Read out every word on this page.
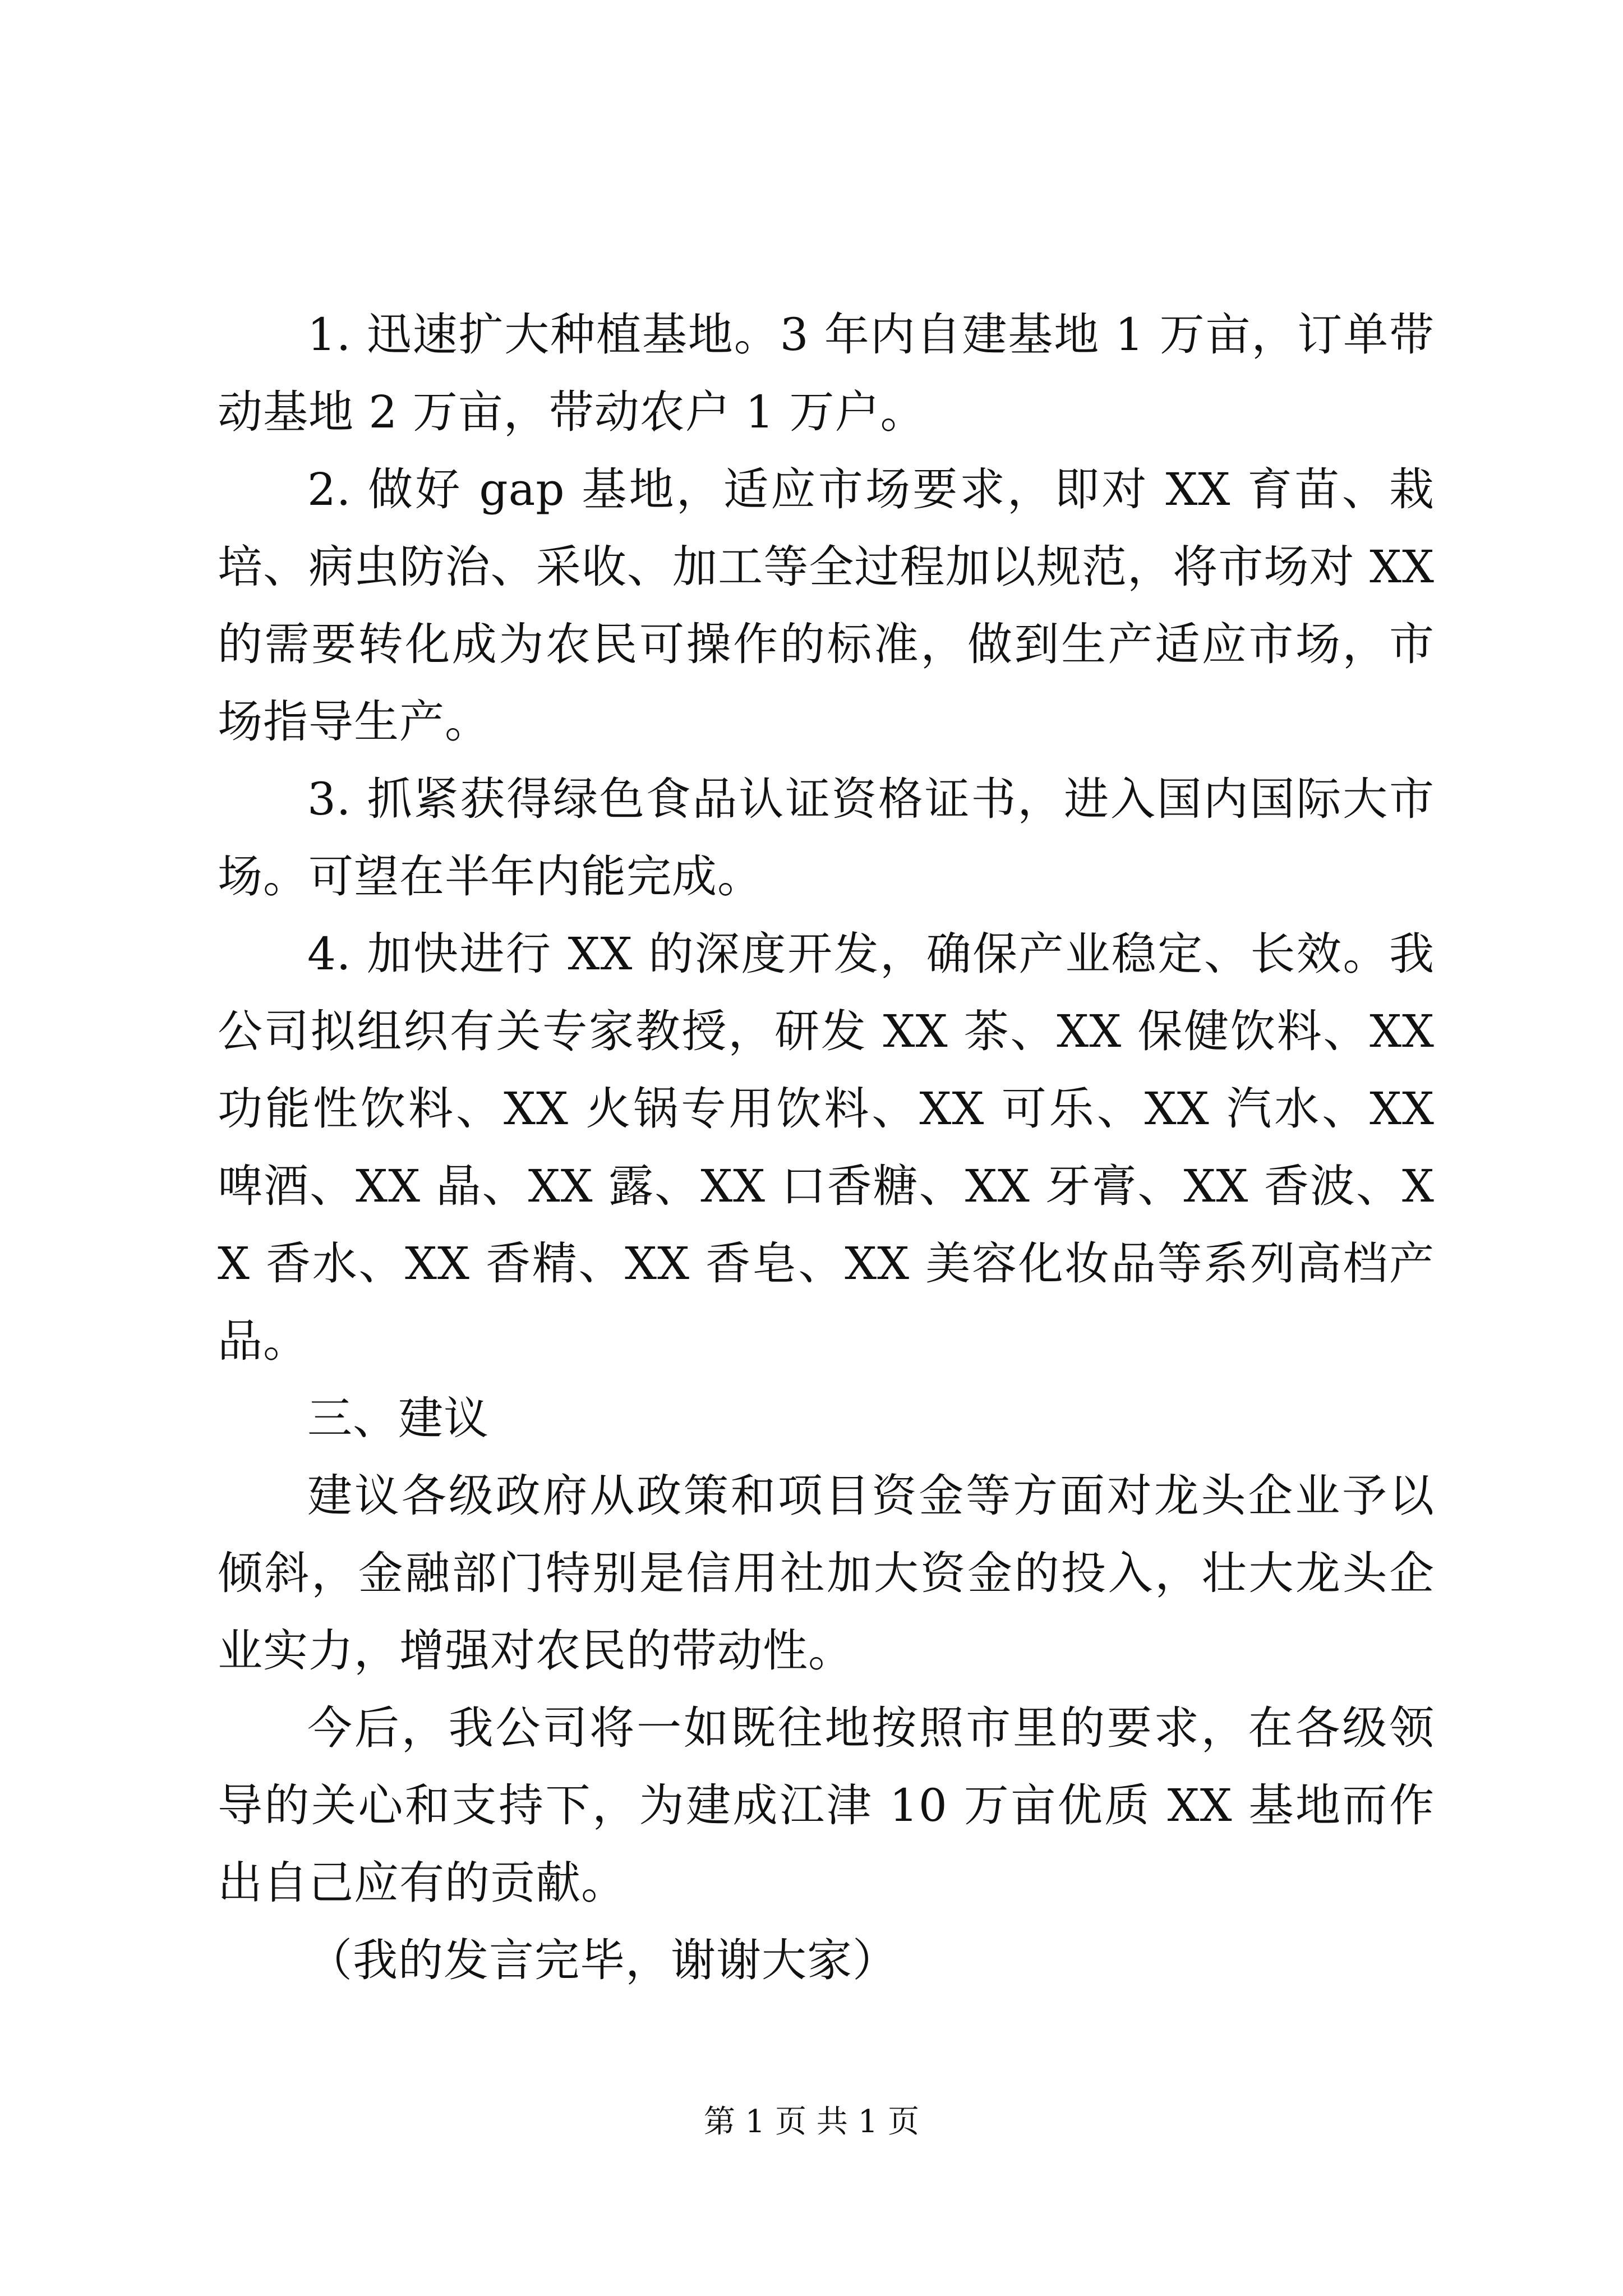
1. 迅速扩大种植基地。3 年内自建基地 1 万亩，订单带动基地 2 万亩，带动农户 1 万户。

2. 做好 gap 基地，适应市场要求，即对 XX 育苗、栽培、病虫防治、采收、加工等全过程加以规范，将市场对 XX 的需要转化成为农民可操作的标准，做到生产适应市场，市场指导生产。

3. 抓紧获得绿色食品认证资格证书，进入国内国际大市场。可望在半年内能完成。

4. 加快进行 XX 的深度开发，确保产业稳定、长效。我公司拟组织有关专家教授，研发 XX 茶、XX 保健饮料、XX 功能性饮料、XX 火锅专用饮料、XX 可乐、XX 汽水、XX 啤酒、XX 晶、XX 露、XX 口香糖、XX 牙膏、XX 香波、XX 香水、XX 香精、XX 香皂、XX 美容化妆品等系列高档产品。

三、建议

建议各级政府从政策和项目资金等方面对龙头企业予以倾斜，金融部门特别是信用社加大资金的投入，壮大龙头企业实力，增强对农民的带动性。

今后，我公司将一如既往地按照市里的要求，在各级领导的关心和支持下，为建成江津 10 万亩优质 XX 基地而作出自己应有的贡献。

（我的发言完毕，谢谢大家）

第 1 页 共 1 页
